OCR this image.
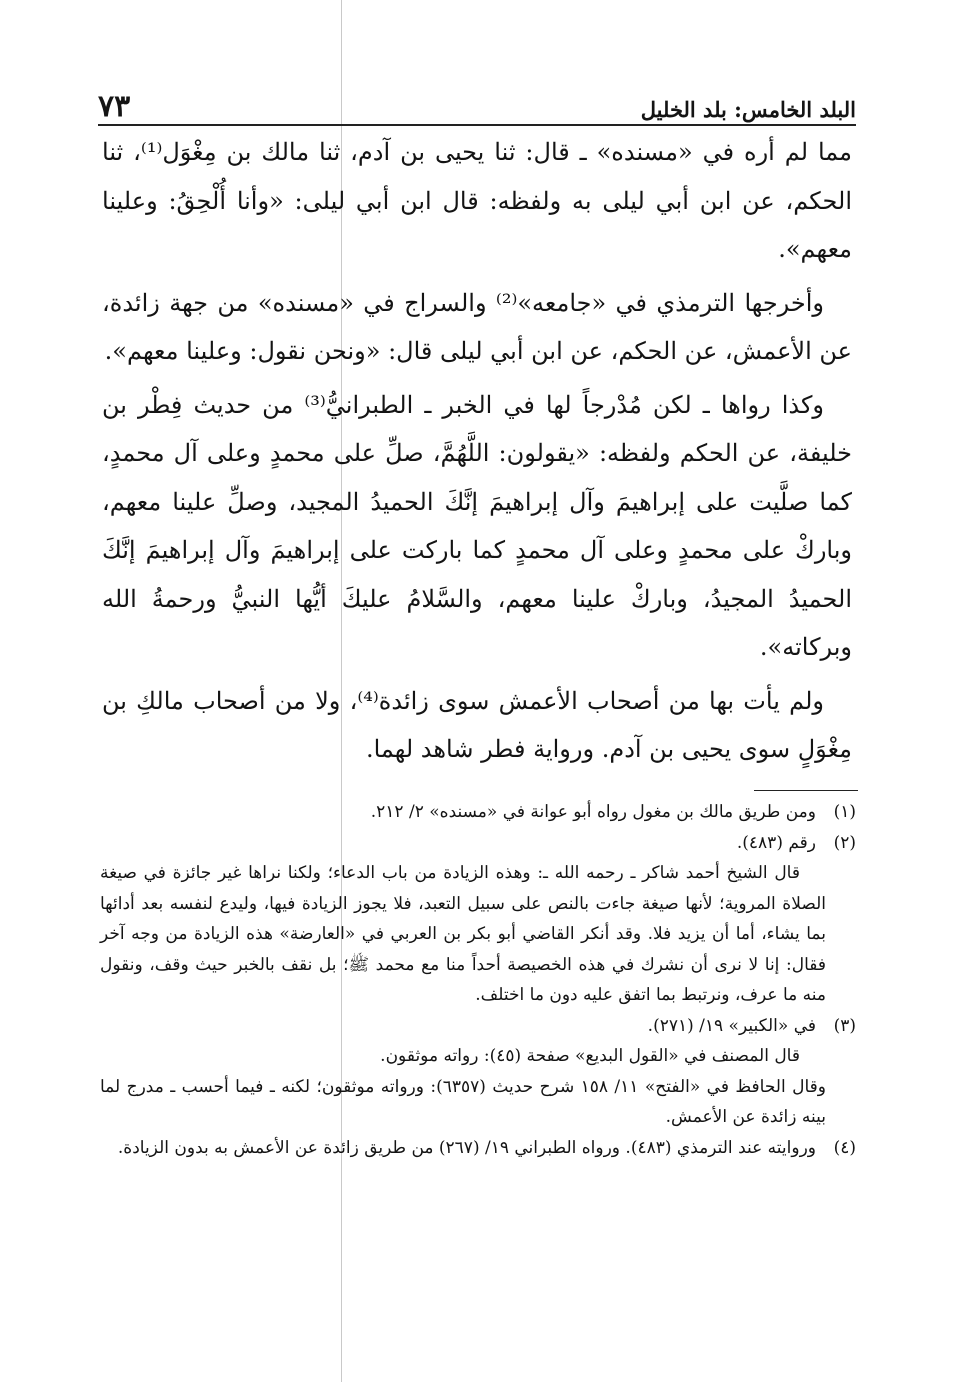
البلد الخامس: بلد الخليل
٧٣

مما لم أره في «مسنده» ـ قال: ثنا يحيى بن آدم، ثنا مالك بن مِغْوَل⁽¹⁾، ثنا الحكم، عن ابن أبي ليلى به ولفظه: قال ابن أبي ليلى: «وأنا أُلْحِقُ: وعلينا معهم».

وأخرجها الترمذي في «جامعه»⁽²⁾ والسراج في «مسنده» من جهة زائدة، عن الأعمش، عن الحكم، عن ابن أبي ليلى قال: «ونحن نقول: وعلينا معهم».

وكذا رواها ـ لكن مُدْرجاً لها في الخبر ـ الطبرانيُّ⁽³⁾ من حديث فِطْر بن خليفة، عن الحكم ولفظه: «يقولون: اللَّهُمَّ، صلِّ على محمدٍ وعلى آل محمدٍ، كما صلَّيت على إبراهيمَ وآل إبراهيمَ إنَّكَ الحميدُ المجيد، وصلِّ علينا معهم، وباركْ على محمدٍ وعلى آل محمدٍ كما باركت على إبراهيمَ وآل إبراهيمَ إنَّكَ الحميدُ المجيدُ، وباركْ علينا معهم، والسَّلامُ عليكَ أيُّها النبيُّ ورحمةُ الله وبركاته».

ولم يأت بها من أصحاب الأعمش سوى زائدة⁽⁴⁾، ولا من أصحاب مالكِ بن مِغْوَلٍ سوى يحيى بن آدم. ورواية فطر شاهد لهما.

(١)
ومن طريق مالك بن مغول رواه أبو عوانة في «مسنده» ٢/ ٢١٢.
(٢)
رقم (٤٨٣).

قال الشيخ أحمد شاكر ـ رحمه الله ـ: وهذه الزيادة من باب الدعاء؛ ولكنا نراها غير جائزة في صيغة الصلاة المروية؛ لأنها صيغة جاءت بالنص على سبيل التعبد، فلا يجوز الزيادة فيها، وليدع لنفسه بعد أدائها بما يشاء، أما أن يزيد فلا. وقد أنكر القاضي أبو بكر بن العربي في «العارضة» هذه الزيادة من وجه آخر فقال: إنا لا نرى أن نشرك في هذه الخصيصة أحداً منا مع محمد ﷺ؛ بل نقف بالخبر حيث وقف، ونقول منه ما عرف، ونرتبط بما اتفق عليه دون ما اختلف.

(٣)
في «الكبير» ١٩/ (٢٧١).

قال المصنف في «القول البديع» صفحة (٤٥): رواته موثقون.

وقال الحافظ في «الفتح» ١١/ ١٥٨ شرح حديث (٦٣٥٧): ورواته موثقون؛ لكنه ـ فيما أحسب ـ مدرج لما بينه زائدة عن الأعمش.

(٤)
وروايته عند الترمذي (٤٨٣). ورواه الطبراني ١٩/ (٢٦٧) من طريق زائدة عن الأعمش به بدون الزيادة.
